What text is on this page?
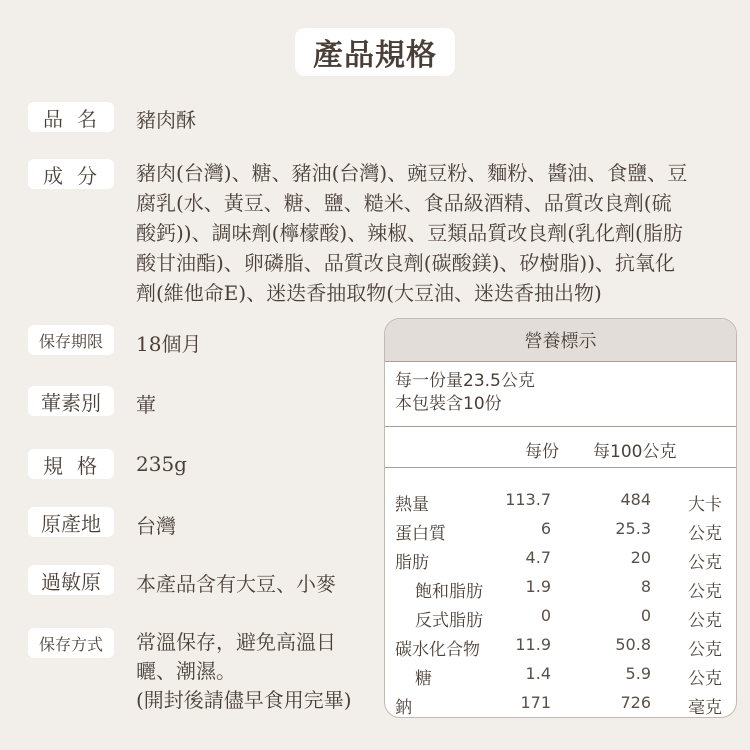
產品規格
品名 豬肉酥
成分 豬肉(台灣)、糖、豬油(台灣)、豌豆粉、麵粉、醬油、食鹽、豆
腐乳(水、黃豆、糖、鹽、糙米、食品級酒精、品質改良劑(硫
酸鈣))、調味劑(檸檬酸)、辣椒、豆類品質改良劑(乳化劑(脂肪
酸甘油酯)、卵磷脂、品質改良劑(碳酸鎂)、矽樹脂))、抗氧化
劑(維他命E)、迷迭香抽取物(大豆油、迷迭香抽出物)
保存期限	18個月
葷素別	葷
規格 235g
原產地	台灣
過敏原	本產品含有大豆、小麥
保存方式	常溫保存，避免高溫日
曬、潮濕。
(開封後請儘早食用完畢)
營養標示
每一份量23.5公克
本包裝含10份
每份 每100公克
熱量	113.7	484 大卡
蛋白質	6	25.3 公克
脂肪	4.7	20 公克
飽和脂肪	1.9	8 公克
反式脂肪	0	0 公克
碳水化合物 11.9	50.8 公克
糖	1.4	5.9 公克
鈉	171	726 毫克
